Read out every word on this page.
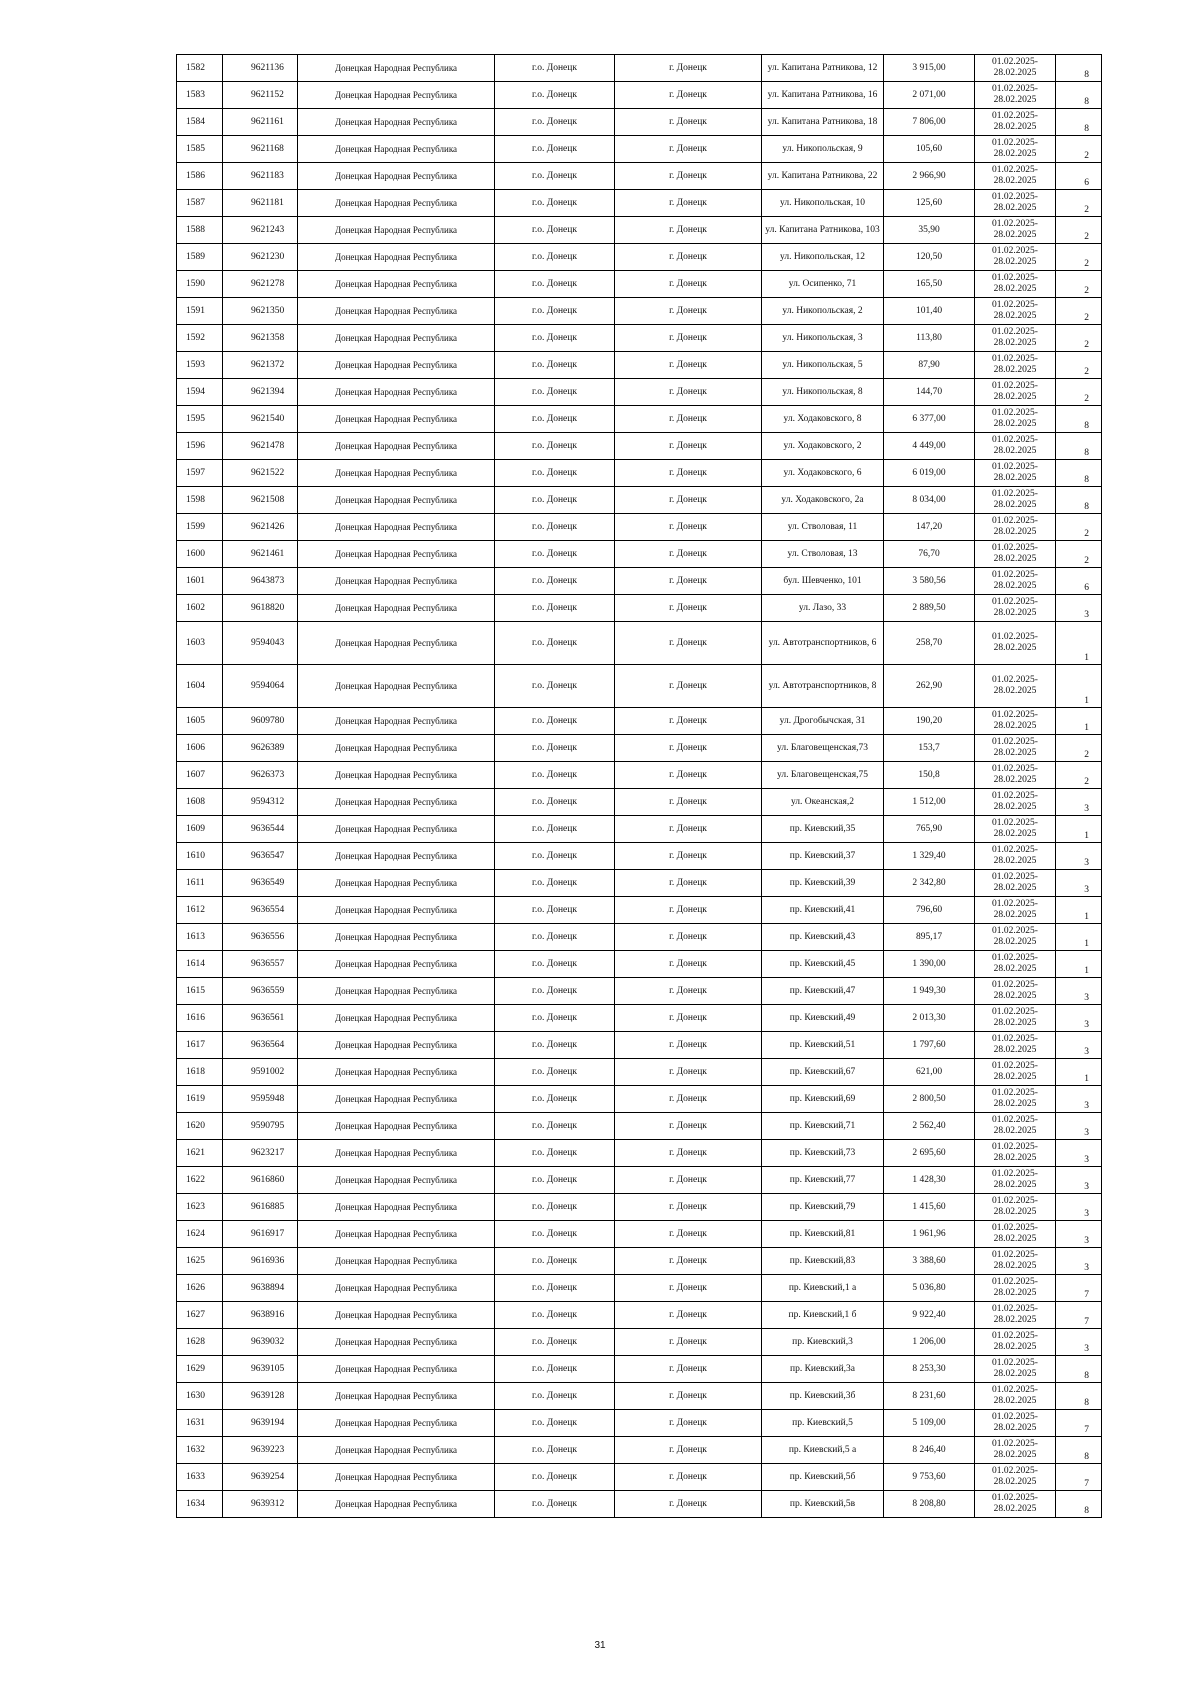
1582	9621136	Донецкая Народная Республика	г.о. Донецк	г. Донецк	ул. Капитана Ратникова, 12	3 915,00	01.02.2025-28.02.2025	8
1583	9621152	Донецкая Народная Республика	г.о. Донецк	г. Донецк	ул. Капитана Ратникова, 16	2 071,00	01.02.2025-28.02.2025	8
1584	9621161	Донецкая Народная Республика	г.о. Донецк	г. Донецк	ул. Капитана Ратникова, 18	7 806,00	01.02.2025-28.02.2025	8
1585	9621168	Донецкая Народная Республика	г.о. Донецк	г. Донецк	ул. Никопольская, 9	105,60	01.02.2025-28.02.2025	2
1586	9621183	Донецкая Народная Республика	г.о. Донецк	г. Донецк	ул. Капитана Ратникова, 22	2 966,90	01.02.2025-28.02.2025	6
1587	9621181	Донецкая Народная Республика	г.о. Донецк	г. Донецк	ул. Никопольская, 10	125,60	01.02.2025-28.02.2025	2
1588	9621243	Донецкая Народная Республика	г.о. Донецк	г. Донецк	ул. Капитана Ратникова, 103	35,90	01.02.2025-28.02.2025	2
1589	9621230	Донецкая Народная Республика	г.о. Донецк	г. Донецк	ул. Никопольская, 12	120,50	01.02.2025-28.02.2025	2
1590	9621278	Донецкая Народная Республика	г.о. Донецк	г. Донецк	ул. Осипенко, 71	165,50	01.02.2025-28.02.2025	2
1591	9621350	Донецкая Народная Республика	г.о. Донецк	г. Донецк	ул. Никопольская, 2	101,40	01.02.2025-28.02.2025	2
1592	9621358	Донецкая Народная Республика	г.о. Донецк	г. Донецк	ул. Никопольская, 3	113,80	01.02.2025-28.02.2025	2
1593	9621372	Донецкая Народная Республика	г.о. Донецк	г. Донецк	ул. Никопольская, 5	87,90	01.02.2025-28.02.2025	2
1594	9621394	Донецкая Народная Республика	г.о. Донецк	г. Донецк	ул. Никопольская, 8	144,70	01.02.2025-28.02.2025	2
1595	9621540	Донецкая Народная Республика	г.о. Донецк	г. Донецк	ул. Ходаковского, 8	6 377,00	01.02.2025-28.02.2025	8
1596	9621478	Донецкая Народная Республика	г.о. Донецк	г. Донецк	ул. Ходаковского, 2	4 449,00	01.02.2025-28.02.2025	8
1597	9621522	Донецкая Народная Республика	г.о. Донецк	г. Донецк	ул. Ходаковского, 6	6 019,00	01.02.2025-28.02.2025	8
1598	9621508	Донецкая Народная Республика	г.о. Донецк	г. Донецк	ул. Ходаковского, 2а	8 034,00	01.02.2025-28.02.2025	8
1599	9621426	Донецкая Народная Республика	г.о. Донецк	г. Донецк	ул. Стволовая, 11	147,20	01.02.2025-28.02.2025	2
1600	9621461	Донецкая Народная Республика	г.о. Донецк	г. Донецк	ул. Стволовая, 13	76,70	01.02.2025-28.02.2025	2
1601	9643873	Донецкая Народная Республика	г.о. Донецк	г. Донецк	бул. Шевченко, 101	3 580,56	01.02.2025-28.02.2025	6
1602	9618820	Донецкая Народная Республика	г.о. Донецк	г. Донецк	ул. Лазо, 33	2 889,50	01.02.2025-28.02.2025	3
1603	9594043	Донецкая Народная Республика	г.о. Донецк	г. Донецк	ул. Автотранспортников, 6	258,70	01.02.2025-28.02.2025	1
1604	9594064	Донецкая Народная Республика	г.о. Донецк	г. Донецк	ул. Автотранспортников, 8	262,90	01.02.2025-28.02.2025	1
1605	9609780	Донецкая Народная Республика	г.о. Донецк	г. Донецк	ул. Дрогобычская, 31	190,20	01.02.2025-28.02.2025	1
1606	9626389	Донецкая Народная Республика	г.о. Донецк	г. Донецк	ул. Благовещенская,73	153,7	01.02.2025-28.02.2025	2
1607	9626373	Донецкая Народная Республика	г.о. Донецк	г. Донецк	ул. Благовещенская,75	150,8	01.02.2025-28.02.2025	2
1608	9594312	Донецкая Народная Республика	г.о. Донецк	г. Донецк	ул. Океанская,2	1 512,00	01.02.2025-28.02.2025	3
1609	9636544	Донецкая Народная Республика	г.о. Донецк	г. Донецк	пр. Киевский,35	765,90	01.02.2025-28.02.2025	1
1610	9636547	Донецкая Народная Республика	г.о. Донецк	г. Донецк	пр. Киевский,37	1 329,40	01.02.2025-28.02.2025	3
1611	9636549	Донецкая Народная Республика	г.о. Донецк	г. Донецк	пр. Киевский,39	2 342,80	01.02.2025-28.02.2025	3
1612	9636554	Донецкая Народная Республика	г.о. Донецк	г. Донецк	пр. Киевский,41	796,60	01.02.2025-28.02.2025	1
1613	9636556	Донецкая Народная Республика	г.о. Донецк	г. Донецк	пр. Киевский,43	895,17	01.02.2025-28.02.2025	1
1614	9636557	Донецкая Народная Республика	г.о. Донецк	г. Донецк	пр. Киевский,45	1 390,00	01.02.2025-28.02.2025	1
1615	9636559	Донецкая Народная Республика	г.о. Донецк	г. Донецк	пр. Киевский,47	1 949,30	01.02.2025-28.02.2025	3
1616	9636561	Донецкая Народная Республика	г.о. Донецк	г. Донецк	пр. Киевский,49	2 013,30	01.02.2025-28.02.2025	3
1617	9636564	Донецкая Народная Республика	г.о. Донецк	г. Донецк	пр. Киевский,51	1 797,60	01.02.2025-28.02.2025	3
1618	9591002	Донецкая Народная Республика	г.о. Донецк	г. Донецк	пр. Киевский,67	621,00	01.02.2025-28.02.2025	1
1619	9595948	Донецкая Народная Республика	г.о. Донецк	г. Донецк	пр. Киевский,69	2 800,50	01.02.2025-28.02.2025	3
1620	9590795	Донецкая Народная Республика	г.о. Донецк	г. Донецк	пр. Киевский,71	2 562,40	01.02.2025-28.02.2025	3
1621	9623217	Донецкая Народная Республика	г.о. Донецк	г. Донецк	пр. Киевский,73	2 695,60	01.02.2025-28.02.2025	3
1622	9616860	Донецкая Народная Республика	г.о. Донецк	г. Донецк	пр. Киевский,77	1 428,30	01.02.2025-28.02.2025	3
1623	9616885	Донецкая Народная Республика	г.о. Донецк	г. Донецк	пр. Киевский,79	1 415,60	01.02.2025-28.02.2025	3
1624	9616917	Донецкая Народная Республика	г.о. Донецк	г. Донецк	пр. Киевский,81	1 961,96	01.02.2025-28.02.2025	3
1625	9616936	Донецкая Народная Республика	г.о. Донецк	г. Донецк	пр. Киевский,83	3 388,60	01.02.2025-28.02.2025	3
1626	9638894	Донецкая Народная Республика	г.о. Донецк	г. Донецк	пр. Киевский,1 а	5 036,80	01.02.2025-28.02.2025	7
1627	9638916	Донецкая Народная Республика	г.о. Донецк	г. Донецк	пр. Киевский,1 б	9 922,40	01.02.2025-28.02.2025	7
1628	9639032	Донецкая Народная Республика	г.о. Донецк	г. Донецк	пр. Киевский,3	1 206,00	01.02.2025-28.02.2025	3
1629	9639105	Донецкая Народная Республика	г.о. Донецк	г. Донецк	пр. Киевский,3а	8 253,30	01.02.2025-28.02.2025	8
1630	9639128	Донецкая Народная Республика	г.о. Донецк	г. Донецк	пр. Киевский,3б	8 231,60	01.02.2025-28.02.2025	8
1631	9639194	Донецкая Народная Республика	г.о. Донецк	г. Донецк	пр. Киевский,5	5 109,00	01.02.2025-28.02.2025	7
1632	9639223	Донецкая Народная Республика	г.о. Донецк	г. Донецк	пр. Киевский,5 а	8 246,40	01.02.2025-28.02.2025	8
1633	9639254	Донецкая Народная Республика	г.о. Донецк	г. Донецк	пр. Киевский,5б	9 753,60	01.02.2025-28.02.2025	7
1634	9639312	Донецкая Народная Республика	г.о. Донецк	г. Донецк	пр. Киевский,5в	8 208,80	01.02.2025-28.02.2025	8
31
